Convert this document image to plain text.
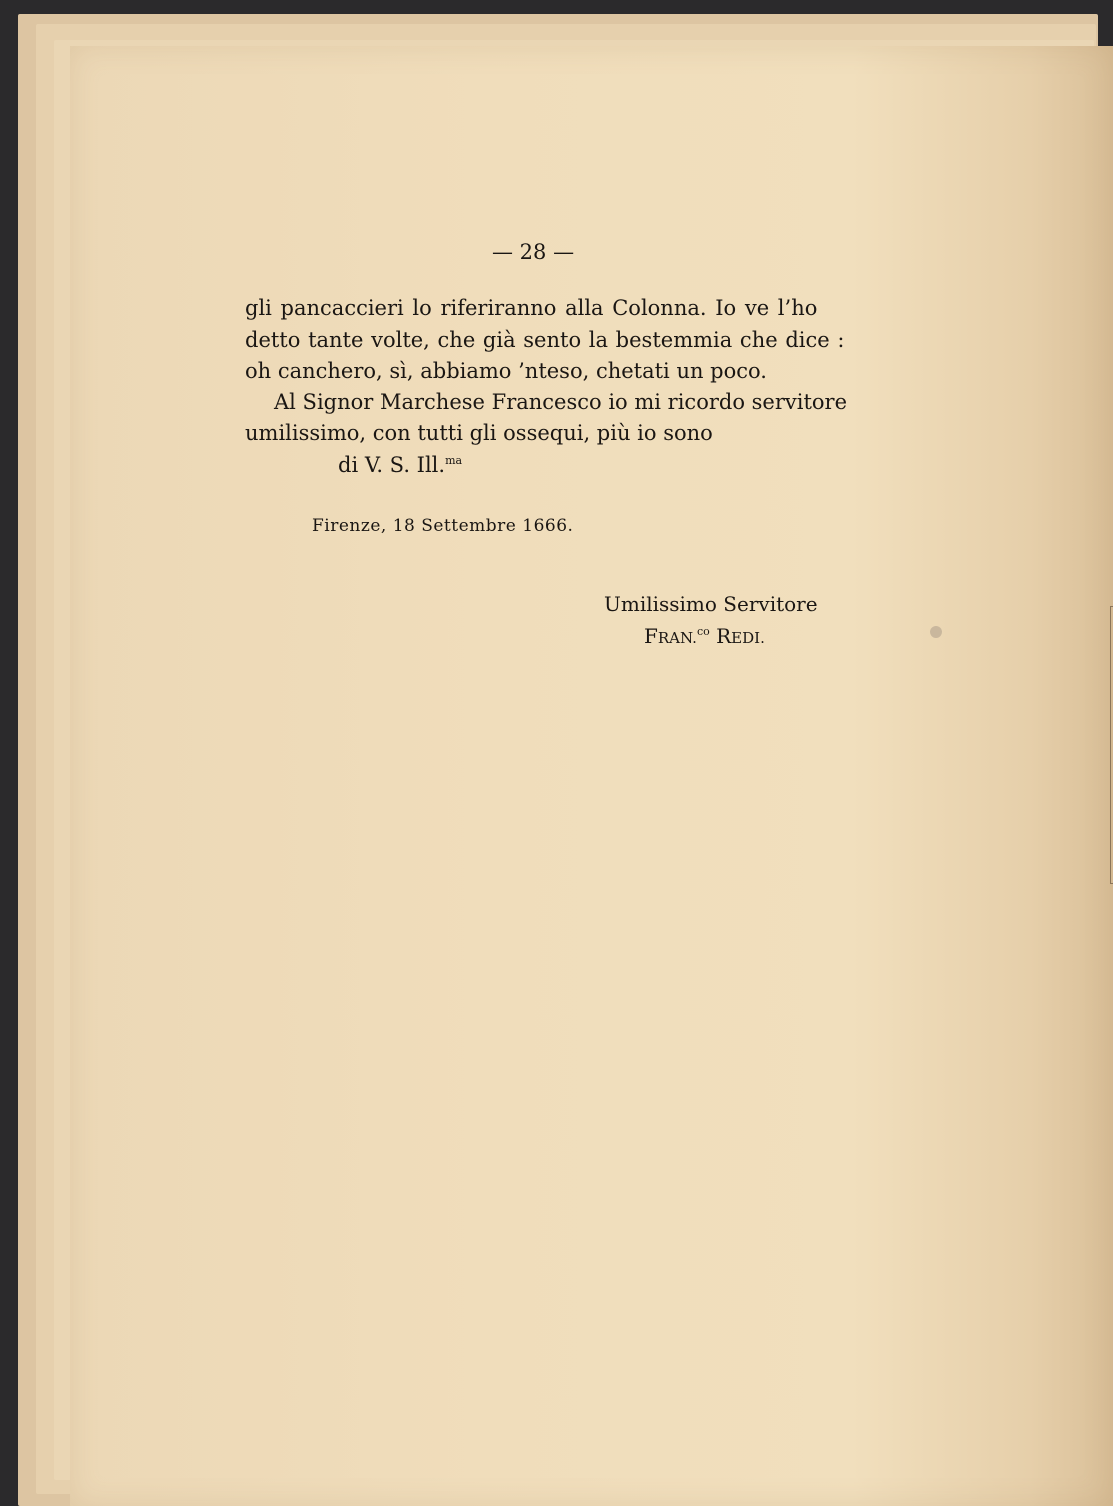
— 28 —
gli pancaccieri lo riferiranno alla Colonna. Io ve l’ho
detto tante volte, che già sento la bestemmia che dice :
oh canchero, sì, abbiamo ’nteso, chetati un poco.
Al Signor Marchese Francesco io mi ricordo servitore
umilissimo, con tutti gli ossequi, più io sono
di V. S. Ill.$^{ma}$
Firenze, 18 Settembre 1666.
Umilissimo Servitore
FRAN.$^{co}$ REDI.
